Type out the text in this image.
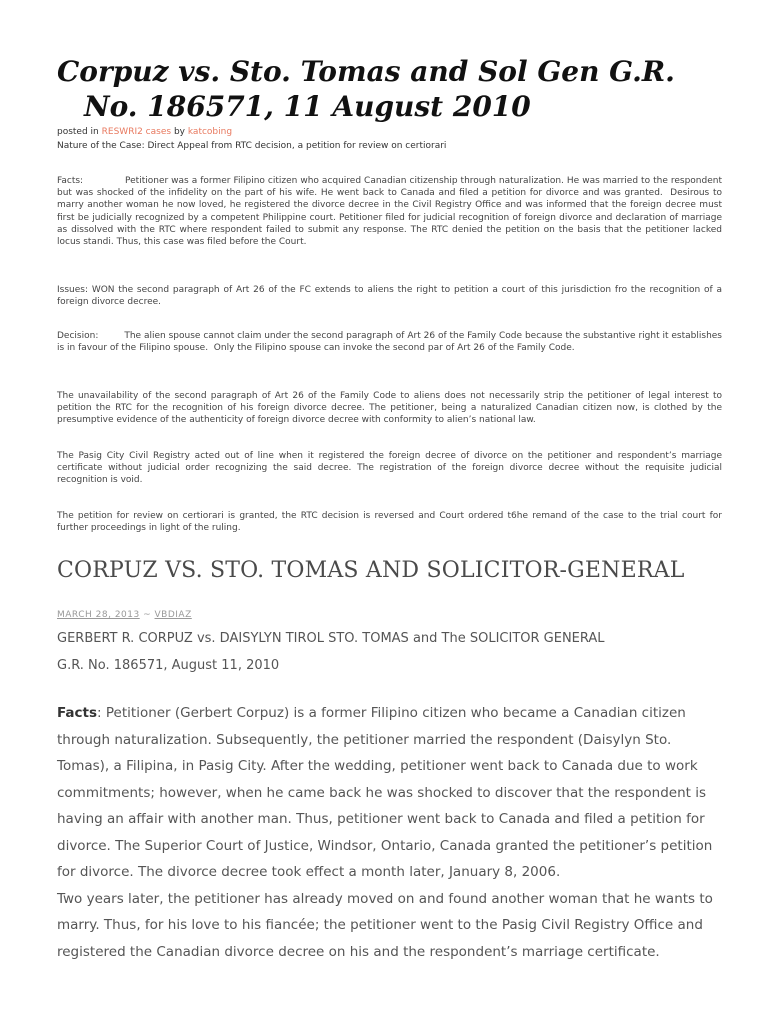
Corpuz vs. Sto. Tomas and Sol Gen G.R.
No. 186571, 11 August 2010
posted in RESWRI2 cases by katcobing
Nature of the Case: Direct Appeal from RTC decision, a petition for review on certiorari

Facts:              Petitioner was a former Filipino citizen who acquired Canadian citizenship through naturalization. He was married to the respondent but was shocked of the infidelity on the part of his wife. He went back to Canada and filed a petition for divorce and was granted.  Desirous to marry another woman he now loved, he registered the divorce decree in the Civil Registry Office and was informed that the foreign decree must first be judicially recognized by a competent Philippine court. Petitioner filed for judicial recognition of foreign divorce and declaration of marriage as dissolved with the RTC where respondent failed to submit any response. The RTC denied the petition on the basis that the petitioner lacked locus standi. Thus, this case was filed before the Court.

Issues: WON the second paragraph of Art 26 of the FC extends to aliens the right to petition a court of this jurisdiction fro the recognition of a foreign divorce decree.

Decision:         The alien spouse cannot claim under the second paragraph of Art 26 of the Family Code because the substantive right it establishes is in favour of the Filipino spouse.  Only the Filipino spouse can invoke the second par of Art 26 of the Family Code.

The unavailability of the second paragraph of Art 26 of the Family Code to aliens does not necessarily strip the petitioner of legal interest to petition the RTC for the recognition of his foreign divorce decree. The petitioner, being a naturalized Canadian citizen now, is clothed by the presumptive evidence of the authenticity of foreign divorce decree with conformity to alien’s national law.

The Pasig City Civil Registry acted out of line when it registered the foreign decree of divorce on the petitioner and respondent’s marriage certificate without judicial order recognizing the said decree. The registration of the foreign divorce decree without the requisite judicial recognition is void.

The petition for review on certiorari is granted, the RTC decision is reversed and Court ordered t6he remand of the case to the trial court for further proceedings in light of the ruling.

CORPUZ VS. STO. TOMAS AND SOLICITOR-GENERAL
MARCH 28, 2013 ~ VBDIAZ
GERBERT R. CORPUZ vs. DAISYLYN TIROL STO. TOMAS and The SOLICITOR GENERAL
G.R. No. 186571, August 11, 2010

Facts: Petitioner (Gerbert Corpuz) is a former Filipino citizen who became a Canadian citizen through naturalization. Subsequently, the petitioner married the respondent (Daisylyn Sto. Tomas), a Filipina, in Pasig City. After the wedding, petitioner went back to Canada due to work commitments; however, when he came back he was shocked to discover that the respondent is having an affair with another man. Thus, petitioner went back to Canada and filed a petition for divorce. The Superior Court of Justice, Windsor, Ontario, Canada granted the petitioner’s petition for divorce. The divorce decree took effect a month later, January 8, 2006.
Two years later, the petitioner has already moved on and found another woman that he wants to marry. Thus, for his love to his fiancée; the petitioner went to the Pasig Civil Registry Office and registered the Canadian divorce decree on his and the respondent’s marriage certificate.
